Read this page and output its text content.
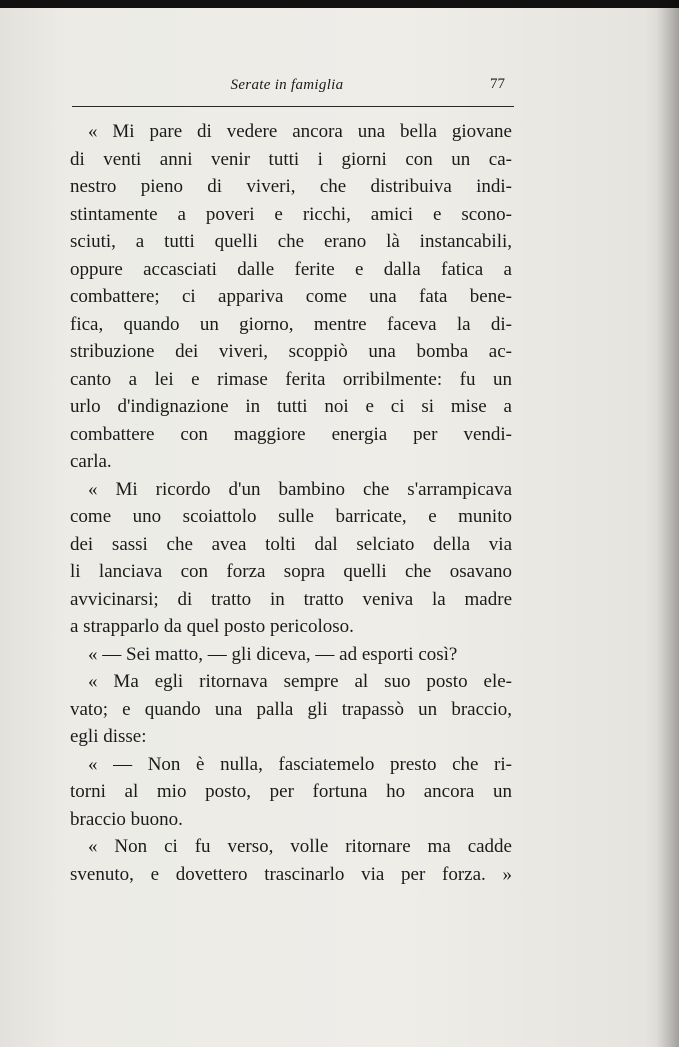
Serate in famiglia	77
« Mi pare di vedere ancora una bella giovane
di venti anni venir tutti i giorni con un ca-
nestro pieno di viveri, che distribuiva indi-
stintamente a poveri e ricchi, amici e scono-
sciuti, a tutti quelli che erano là instancabili,
oppure accasciati dalle ferite e dalla fatica a
combattere; ci appariva come una fata bene-
fica, quando un giorno, mentre faceva la di-
stribuzione dei viveri, scoppiò una bomba ac-
canto a lei e rimase ferita orribilmente: fu un
urlo d'indignazione in tutti noi e ci si mise a
combattere con maggiore energia per vendi-
carla.
« Mi ricordo d'un bambino che s'arrampicava
come uno scoiattolo sulle barricate, e munito
dei sassi che avea tolti dal selciato della via
li lanciava con forza sopra quelli che osavano
avvicinarsi; di tratto in tratto veniva la madre
a strapparlo da quel posto pericoloso.
« — Sei matto, — gli diceva, — ad esporti così?
« Ma egli ritornava sempre al suo posto ele-
vato; e quando una palla gli trapassò un braccio,
egli disse:
« — Non è nulla, fasciatemelo presto che ri-
torni al mio posto, per fortuna ho ancora un
braccio buono.
« Non ci fu verso, volle ritornare ma cadde
svenuto, e dovettero trascinarlo via per forza. »
